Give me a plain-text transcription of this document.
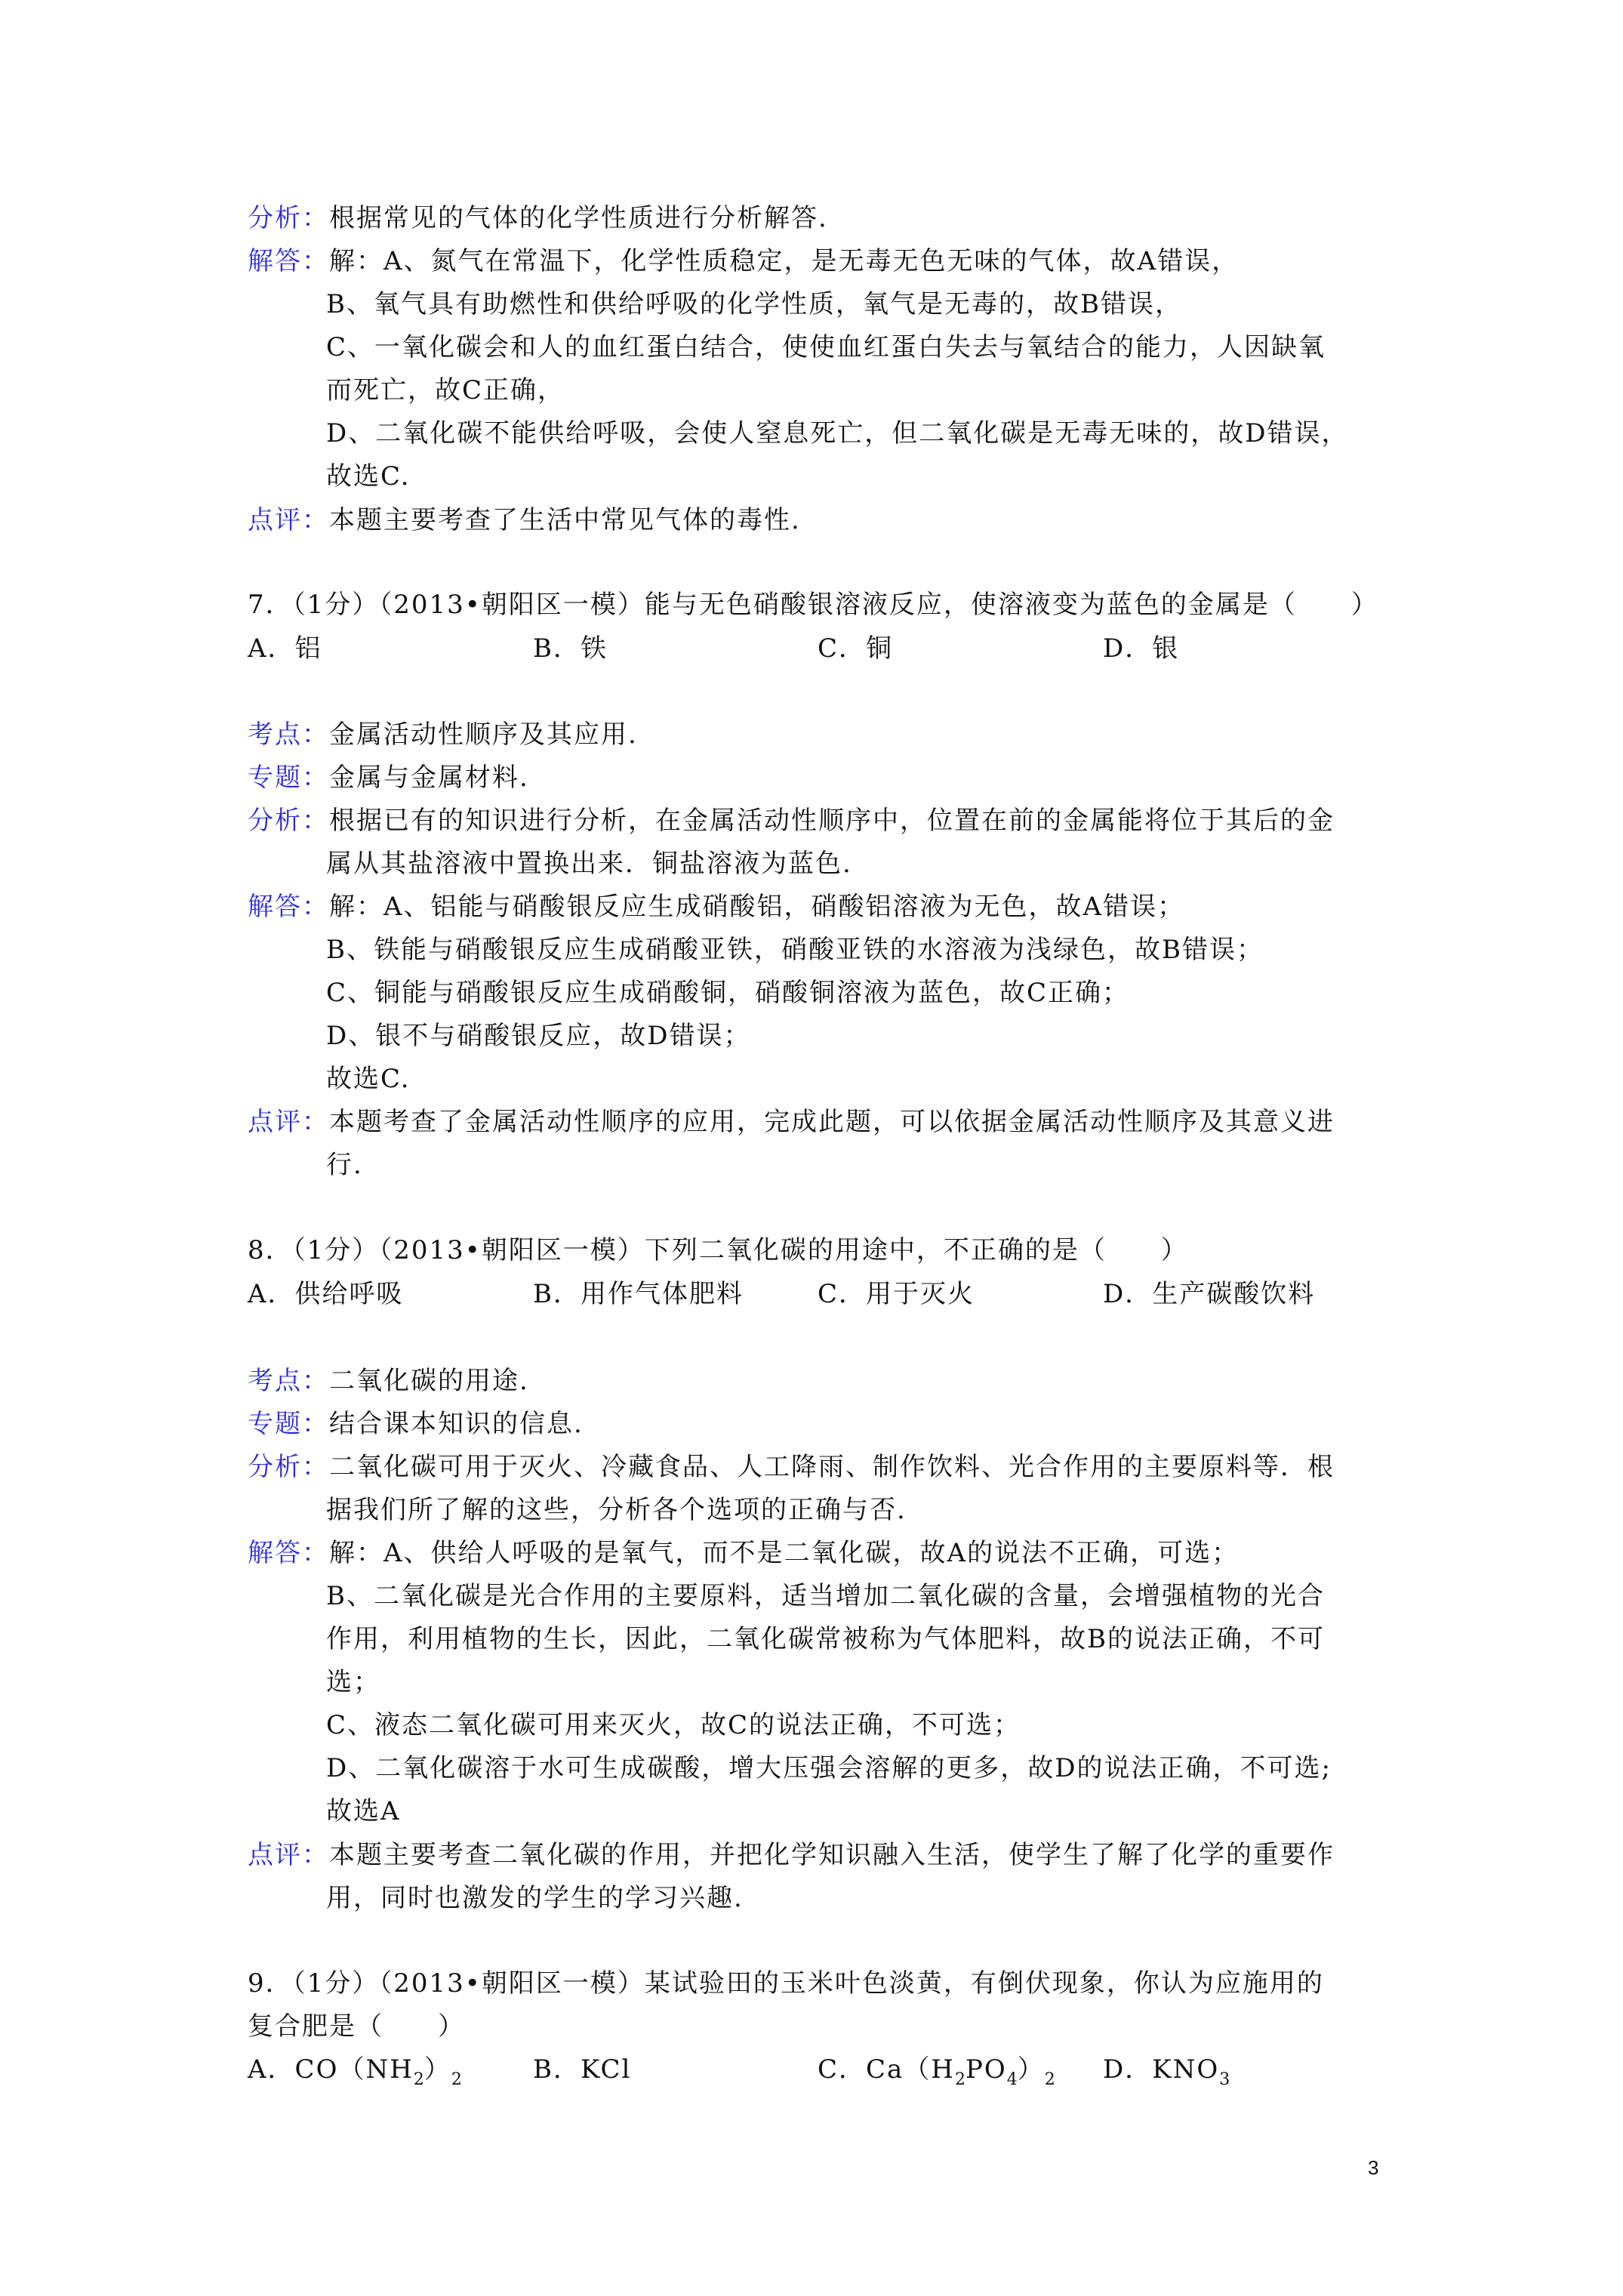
分析：根据常见的气体的化学性质进行分析解答.
解答：解：A、氮气在常温下，化学性质稳定，是无毒无色无味的气体，故A错误，
B、氧气具有助燃性和供给呼吸的化学性质，氧气是无毒的，故B错误，
C、一氧化碳会和人的血红蛋白结合，使使血红蛋白失去与氧结合的能力，人因缺氧
而死亡，故C正确，
D、二氧化碳不能供给呼吸，会使人窒息死亡，但二氧化碳是无毒无味的，故D错误，
故选C.
点评：本题主要考查了生活中常见气体的毒性.
7．（1分）（2013•朝阳区一模）能与无色硝酸银溶液反应，使溶液变为蓝色的金属是（　　）
A．铝	B．铁	C．铜	D．银
考点：金属活动性顺序及其应用.
专题：金属与金属材料.
分析：根据已有的知识进行分析，在金属活动性顺序中，位置在前的金属能将位于其后的金
属从其盐溶液中置换出来．铜盐溶液为蓝色.
解答：解：A、铝能与硝酸银反应生成硝酸铝，硝酸铝溶液为无色，故A错误；
B、铁能与硝酸银反应生成硝酸亚铁，硝酸亚铁的水溶液为浅绿色，故B错误；
C、铜能与硝酸银反应生成硝酸铜，硝酸铜溶液为蓝色，故C正确；
D、银不与硝酸银反应，故D错误；
故选C.
点评：本题考查了金属活动性顺序的应用，完成此题，可以依据金属活动性顺序及其意义进
行.
8．（1分）（2013•朝阳区一模）下列二氧化碳的用途中，不正确的是（　　）
A．供给呼吸	B．用作气体肥料	C．用于灭火	D．生产碳酸饮料
考点：二氧化碳的用途.
专题：结合课本知识的信息.
分析：二氧化碳可用于灭火、冷藏食品、人工降雨、制作饮料、光合作用的主要原料等．根
据我们所了解的这些，分析各个选项的正确与否.
解答：解：A、供给人呼吸的是氧气，而不是二氧化碳，故A的说法不正确，可选；
B、二氧化碳是光合作用的主要原料，适当增加二氧化碳的含量，会增强植物的光合
作用，利用植物的生长，因此，二氧化碳常被称为气体肥料，故B的说法正确，不可
选；
C、液态二氧化碳可用来灭火，故C的说法正确，不可选；
D、二氧化碳溶于水可生成碳酸，增大压强会溶解的更多，故D的说法正确，不可选;
故选A
点评：本题主要考查二氧化碳的作用，并把化学知识融入生活，使学生了解了化学的重要作
用，同时也激发的学生的学习兴趣.
9．（1分）（2013•朝阳区一模）某试验田的玉米叶色淡黄，有倒伏现象，你认为应施用的
复合肥是（　　）
A．$CO(NH_2)_2$	B．KCl	C．$Ca(H_2PO_4)_2$ D．$KNO_3$
3
